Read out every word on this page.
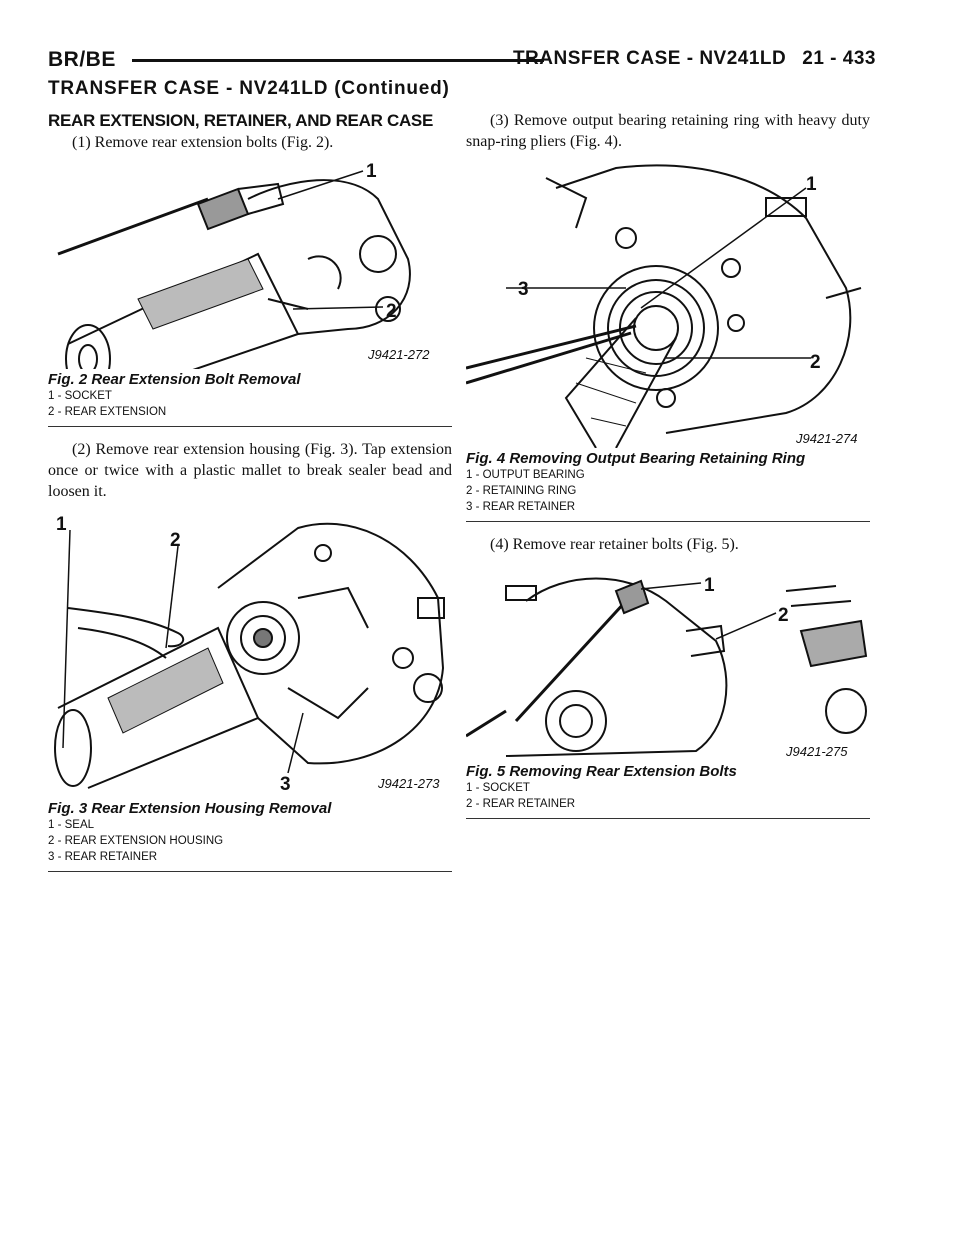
BR/BE	TRANSFER CASE - NV241LD 21 - 433
TRANSFER CASE - NV241LD (Continued)
REAR EXTENSION, RETAINER, AND REAR CASE

(1) Remove rear extension bolts (Fig. 2).

1
2
J9421-272
Fig. 2 Rear Extension Bolt Removal
1 - SOCKET
2 - REAR EXTENSION

(2) Remove rear extension housing (Fig. 3). Tap extension once or twice with a plastic mallet to break sealer bead and loosen it.

1
2
3	J9421-273
Fig. 3 Rear Extension Housing Removal
1 - SEAL
2 - REAR EXTENSION HOUSING
3 - REAR RETAINER

(3) Remove output bearing retaining ring with heavy duty snap-ring pliers (Fig. 4).

1
3
2
J9421-274
Fig. 4 Removing Output Bearing Retaining Ring
1 - OUTPUT BEARING
2 - RETAINING RING
3 - REAR RETAINER

(4) Remove rear retainer bolts (Fig. 5).

1
2
J9421-275
Fig. 5 Removing Rear Extension Bolts
1 - SOCKET
2 - REAR RETAINER
